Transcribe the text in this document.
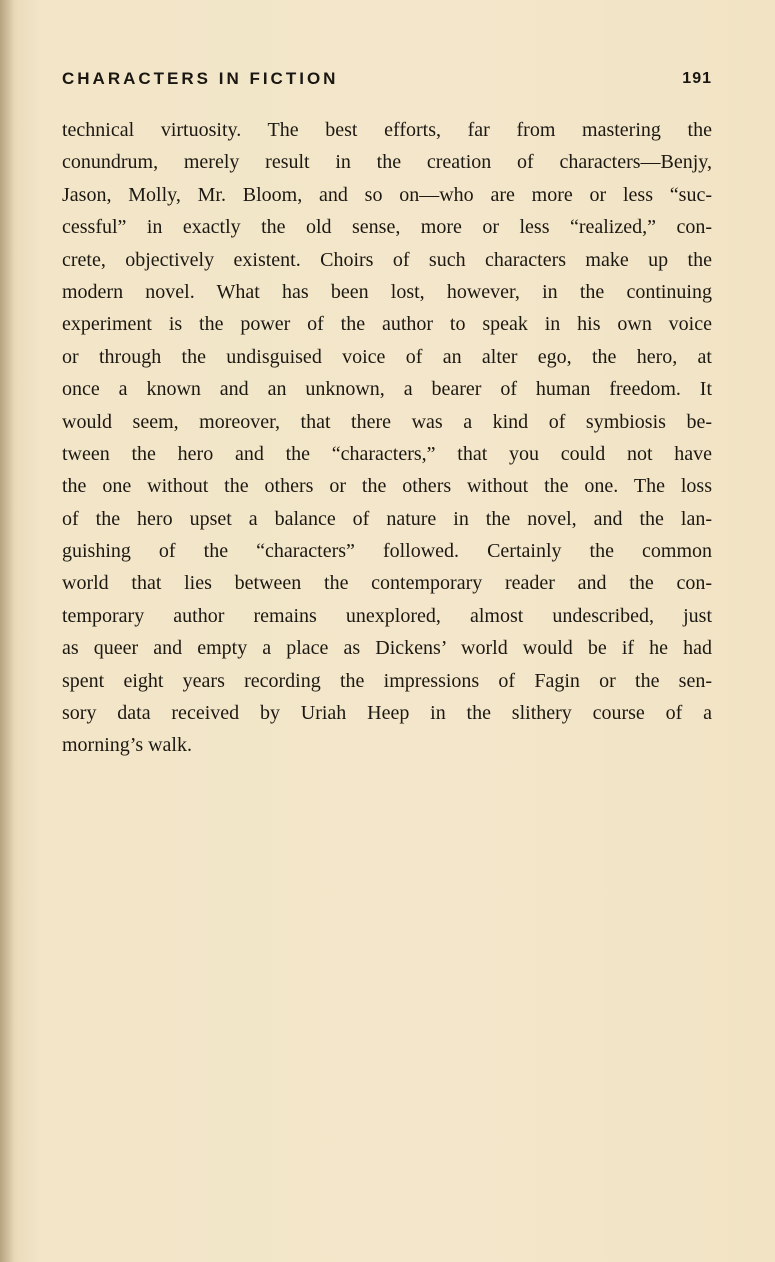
CHARACTERS IN FICTION	191
technical virtuosity. The best efforts, far from mastering the
conundrum, merely result in the creation of characters—Benjy,
Jason, Molly, Mr. Bloom, and so on—who are more or less “suc-
cessful” in exactly the old sense, more or less “realized,” con-
crete, objectively existent. Choirs of such characters make up the
modern novel. What has been lost, however, in the continuing
experiment is the power of the author to speak in his own voice
or through the undisguised voice of an alter ego, the hero, at
once a known and an unknown, a bearer of human freedom. It
would seem, moreover, that there was a kind of symbiosis be-
tween the hero and the “characters,” that you could not have
the one without the others or the others without the one. The loss
of the hero upset a balance of nature in the novel, and the lan-
guishing of the “characters” followed. Certainly the common
world that lies between the contemporary reader and the con-
temporary author remains unexplored, almost undescribed, just
as queer and empty a place as Dickens’ world would be if he had
spent eight years recording the impressions of Fagin or the sen-
sory data received by Uriah Heep in the slithery course of a
morning’s walk.
